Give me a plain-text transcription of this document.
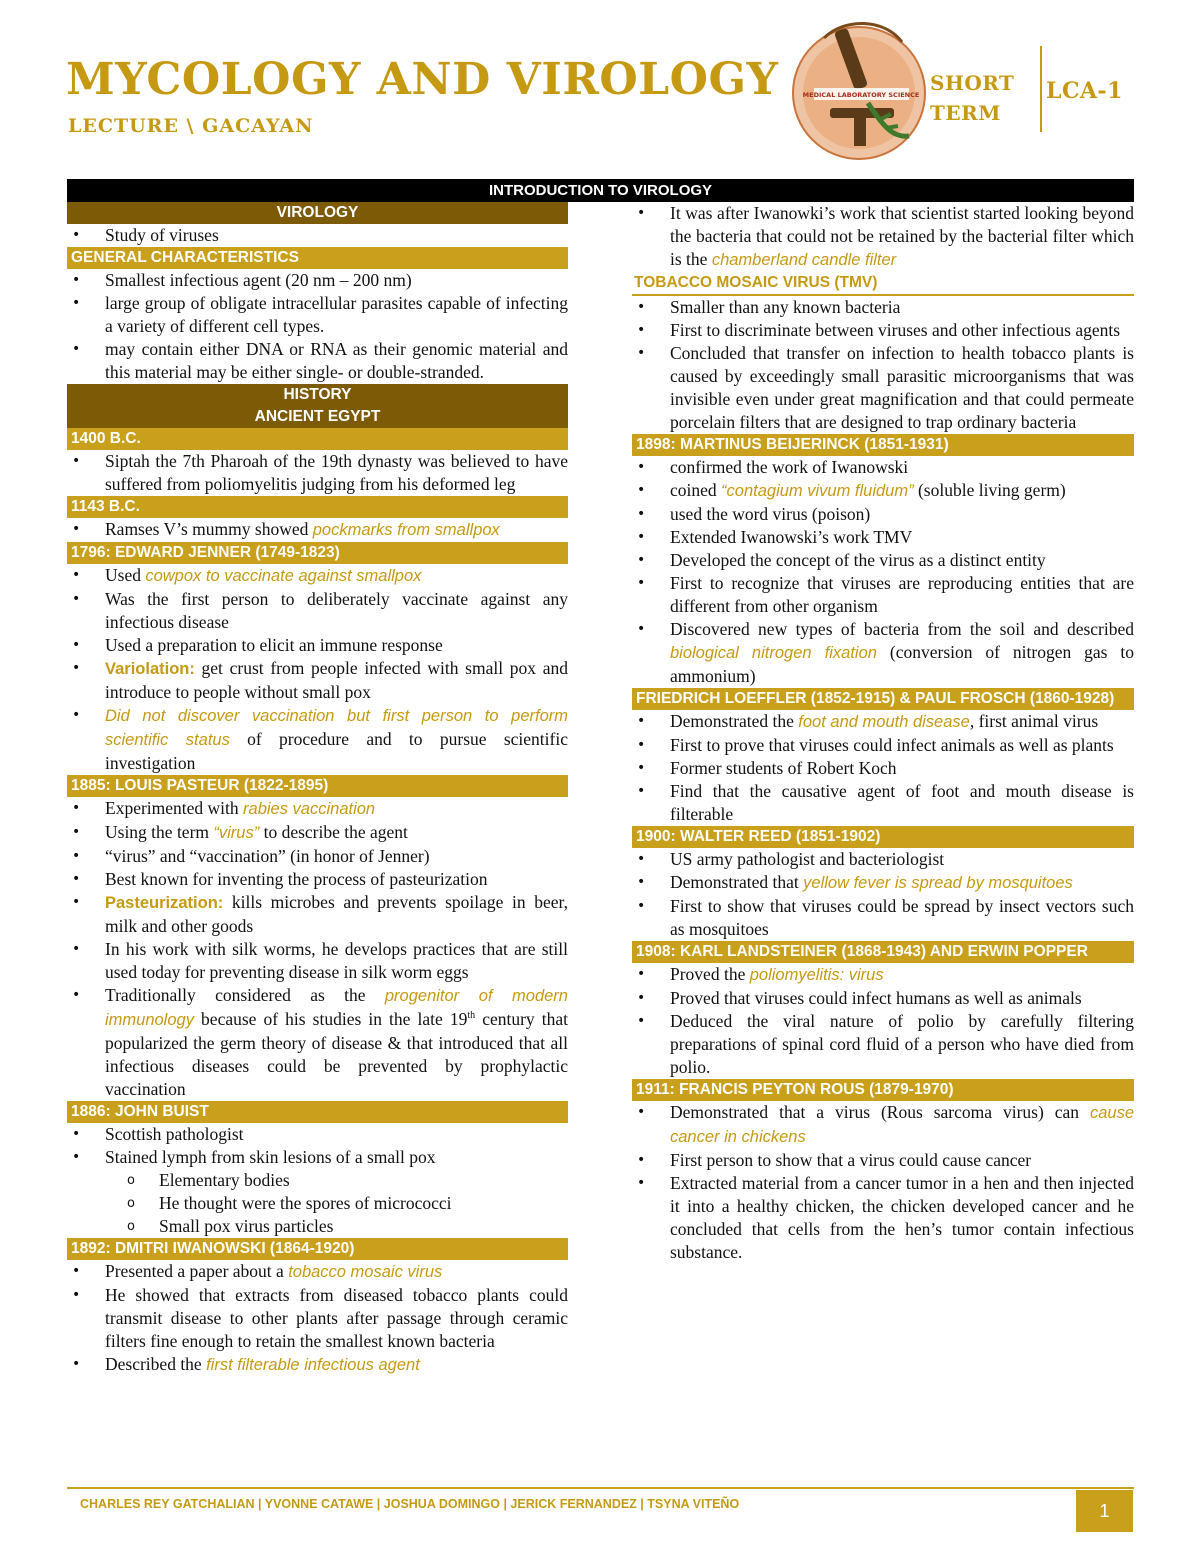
MYCOLOGY AND VIROLOGY
LECTURE \ GACAYAN
MEDICAL LABORATORY SCIENCE SHORT
TERM
LCA-1
INTRODUCTION TO VIROLOGY
VIROLOGY
• Study of viruses
GENERAL CHARACTERISTICS
• Smallest infectious agent (20 nm – 200 nm)
• large group of obligate intracellular parasites capable of infecting a variety of different cell types.
• may contain either DNA or RNA as their genomic material and this material may be either single- or double-stranded.
HISTORY
ANCIENT EGYPT
1400 B.C.
• Siptah the 7th Pharoah of the 19th dynasty was believed to have suffered from poliomyelitis judging from his deformed leg
1143 B.C.
• Ramses V’s mummy showed pockmarks from smallpox
1796: EDWARD JENNER (1749-1823)
• Used cowpox to vaccinate against smallpox
• Was the first person to deliberately vaccinate against any infectious disease
• Used a preparation to elicit an immune response
• Variolation: get crust from people infected with small pox and introduce to people without small pox
• Did not discover vaccination but first person to perform scientific status of procedure and to pursue scientific investigation
1885: LOUIS PASTEUR (1822-1895)
• Experimented with rabies vaccination
• Using the term “virus” to describe the agent
• “virus” and “vaccination” (in honor of Jenner)
• Best known for inventing the process of pasteurization
• Pasteurization: kills microbes and prevents spoilage in beer, milk and other goods
• In his work with silk worms, he develops practices that are still used today for preventing disease in silk worm eggs
• Traditionally considered as the progenitor of modern immunology because of his studies in the late 19th century that popularized the germ theory of disease & that introduced that all infectious diseases could be prevented by prophylactic vaccination
1886: JOHN BUIST
• Scottish pathologist
• Stained lymph from skin lesions of a small pox
o Elementary bodies
o He thought were the spores of micrococci
o Small pox virus particles
1892: DMITRI IWANOWSKI (1864-1920)
• Presented a paper about a tobacco mosaic virus
• He showed that extracts from diseased tobacco plants could transmit disease to other plants after passage through ceramic filters fine enough to retain the smallest known bacteria
• Described the first filterable infectious agent
• It was after Iwanowki’s work that scientist started looking beyond the bacteria that could not be retained by the bacterial filter which is the chamberland candle filter
TOBACCO MOSAIC VIRUS (TMV)
• Smaller than any known bacteria
• First to discriminate between viruses and other infectious agents
• Concluded that transfer on infection to health tobacco plants is caused by exceedingly small parasitic microorganisms that was invisible even under great magnification and that could permeate porcelain filters that are designed to trap ordinary bacteria
1898: MARTINUS BEIJERINCK (1851-1931)
• confirmed the work of Iwanowski
• coined “contagium vivum fluidum” (soluble living germ)
• used the word virus (poison)
• Extended Iwanowski’s work TMV
• Developed the concept of the virus as a distinct entity
• First to recognize that viruses are reproducing entities that are different from other organism
• Discovered new types of bacteria from the soil and described biological nitrogen fixation (conversion of nitrogen gas to ammonium)
FRIEDRICH LOEFFLER (1852-1915) & PAUL FROSCH (1860-1928)
• Demonstrated the foot and mouth disease, first animal virus
• First to prove that viruses could infect animals as well as plants
• Former students of Robert Koch
• Find that the causative agent of foot and mouth disease is filterable
1900: WALTER REED (1851-1902)
• US army pathologist and bacteriologist
• Demonstrated that yellow fever is spread by mosquitoes
• First to show that viruses could be spread by insect vectors such as mosquitoes
1908: KARL LANDSTEINER (1868-1943) AND ERWIN POPPER
• Proved the poliomyelitis: virus
• Proved that viruses could infect humans as well as animals
• Deduced the viral nature of polio by carefully filtering preparations of spinal cord fluid of a person who have died from polio.
1911: FRANCIS PEYTON ROUS (1879-1970)
• Demonstrated that a virus (Rous sarcoma virus) can cause cancer in chickens
• First person to show that a virus could cause cancer
• Extracted material from a cancer tumor in a hen and then injected it into a healthy chicken, the chicken developed cancer and he concluded that cells from the hen’s tumor contain infectious substance.
CHARLES REY GATCHALIAN | YVONNE CATAWE | JOSHUA DOMINGO | JERICK FERNANDEZ | TSYNA VITEÑO	1
